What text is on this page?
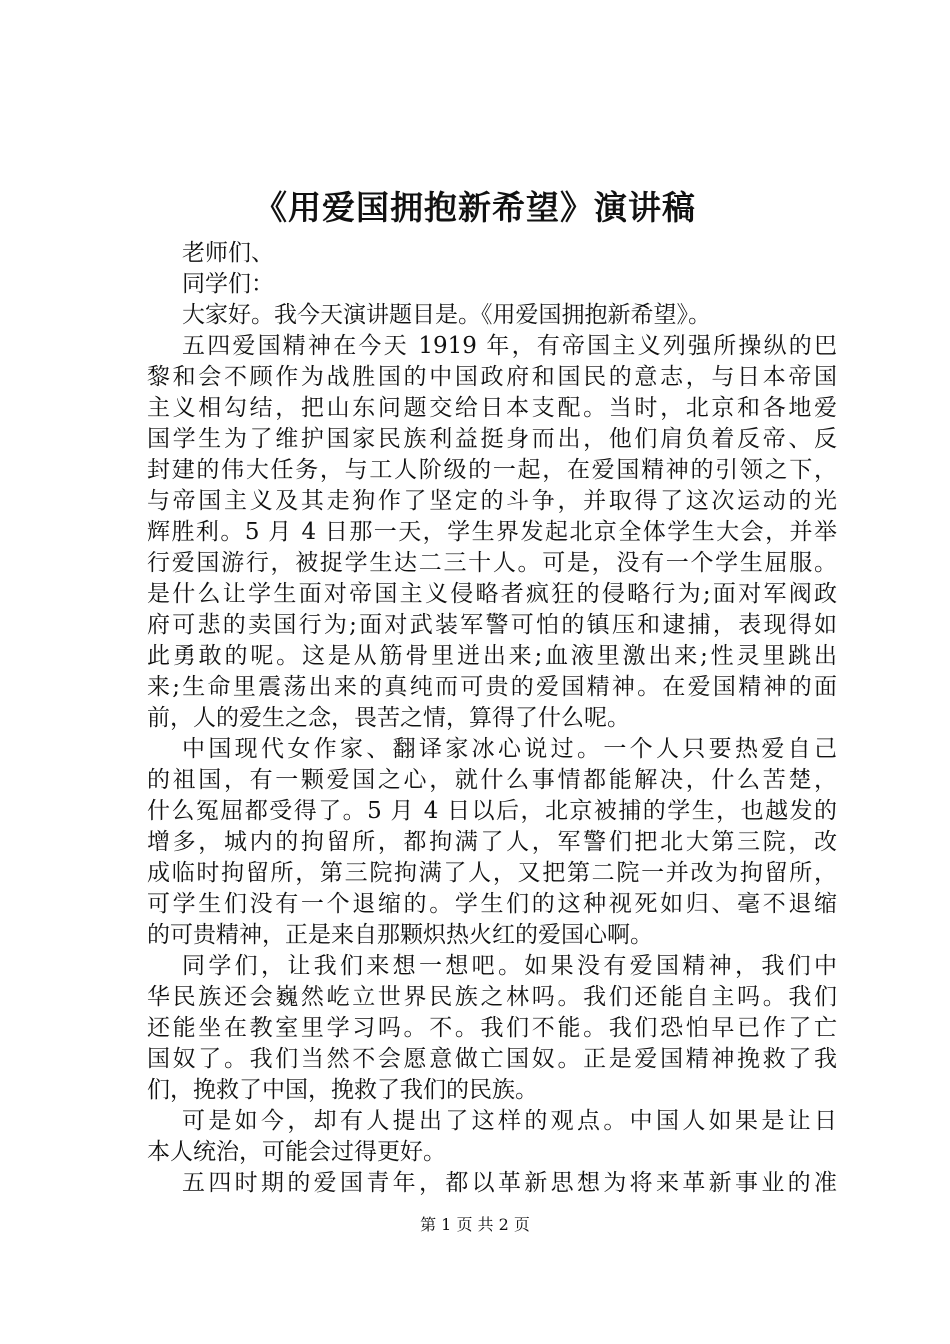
《用爱国拥抱新希望》演讲稿
老师们、
同学们：
大家好。我今天演讲题目是。《用爱国拥抱新希望》。
五四爱国精神在今天 1919 年，有帝国主义列强所操纵的巴
黎和会不顾作为战胜国的中国政府和国民的意志，与日本帝国
主义相勾结，把山东问题交给日本支配。当时，北京和各地爱
国学生为了维护国家民族利益挺身而出，他们肩负着反帝、反
封建的伟大任务，与工人阶级的一起，在爱国精神的引领之下，
与帝国主义及其走狗作了坚定的斗争，并取得了这次运动的光
辉胜利。5 月 4 日那一天，学生界发起北京全体学生大会，并举
行爱国游行，被捉学生达二三十人。可是，没有一个学生屈服。
是什么让学生面对帝国主义侵略者疯狂的侵略行为;面对军阀政
府可悲的卖国行为;面对武装军警可怕的镇压和逮捕，表现得如
此勇敢的呢。这是从筋骨里迸出来;血液里激出来;性灵里跳出
来;生命里震荡出来的真纯而可贵的爱国精神。在爱国精神的面
前，人的爱生之念，畏苦之情，算得了什么呢。
中国现代女作家、翻译家冰心说过。一个人只要热爱自己
的祖国，有一颗爱国之心，就什么事情都能解决，什么苦楚，
什么冤屈都受得了。5 月 4 日以后，北京被捕的学生，也越发的
增多，城内的拘留所，都拘满了人，军警们把北大第三院，改
成临时拘留所，第三院拘满了人，又把第二院一并改为拘留所，
可学生们没有一个退缩的。学生们的这种视死如归、毫不退缩
的可贵精神，正是来自那颗炽热火红的爱国心啊。
同学们，让我们来想一想吧。如果没有爱国精神，我们中
华民族还会巍然屹立世界民族之林吗。我们还能自主吗。我们
还能坐在教室里学习吗。不。我们不能。我们恐怕早已作了亡
国奴了。我们当然不会愿意做亡国奴。正是爱国精神挽救了我
们，挽救了中国，挽救了我们的民族。
可是如今，却有人提出了这样的观点。中国人如果是让日
本人统治，可能会过得更好。
五四时期的爱国青年，都以革新思想为将来革新事业的准
第 1 页 共 2 页
